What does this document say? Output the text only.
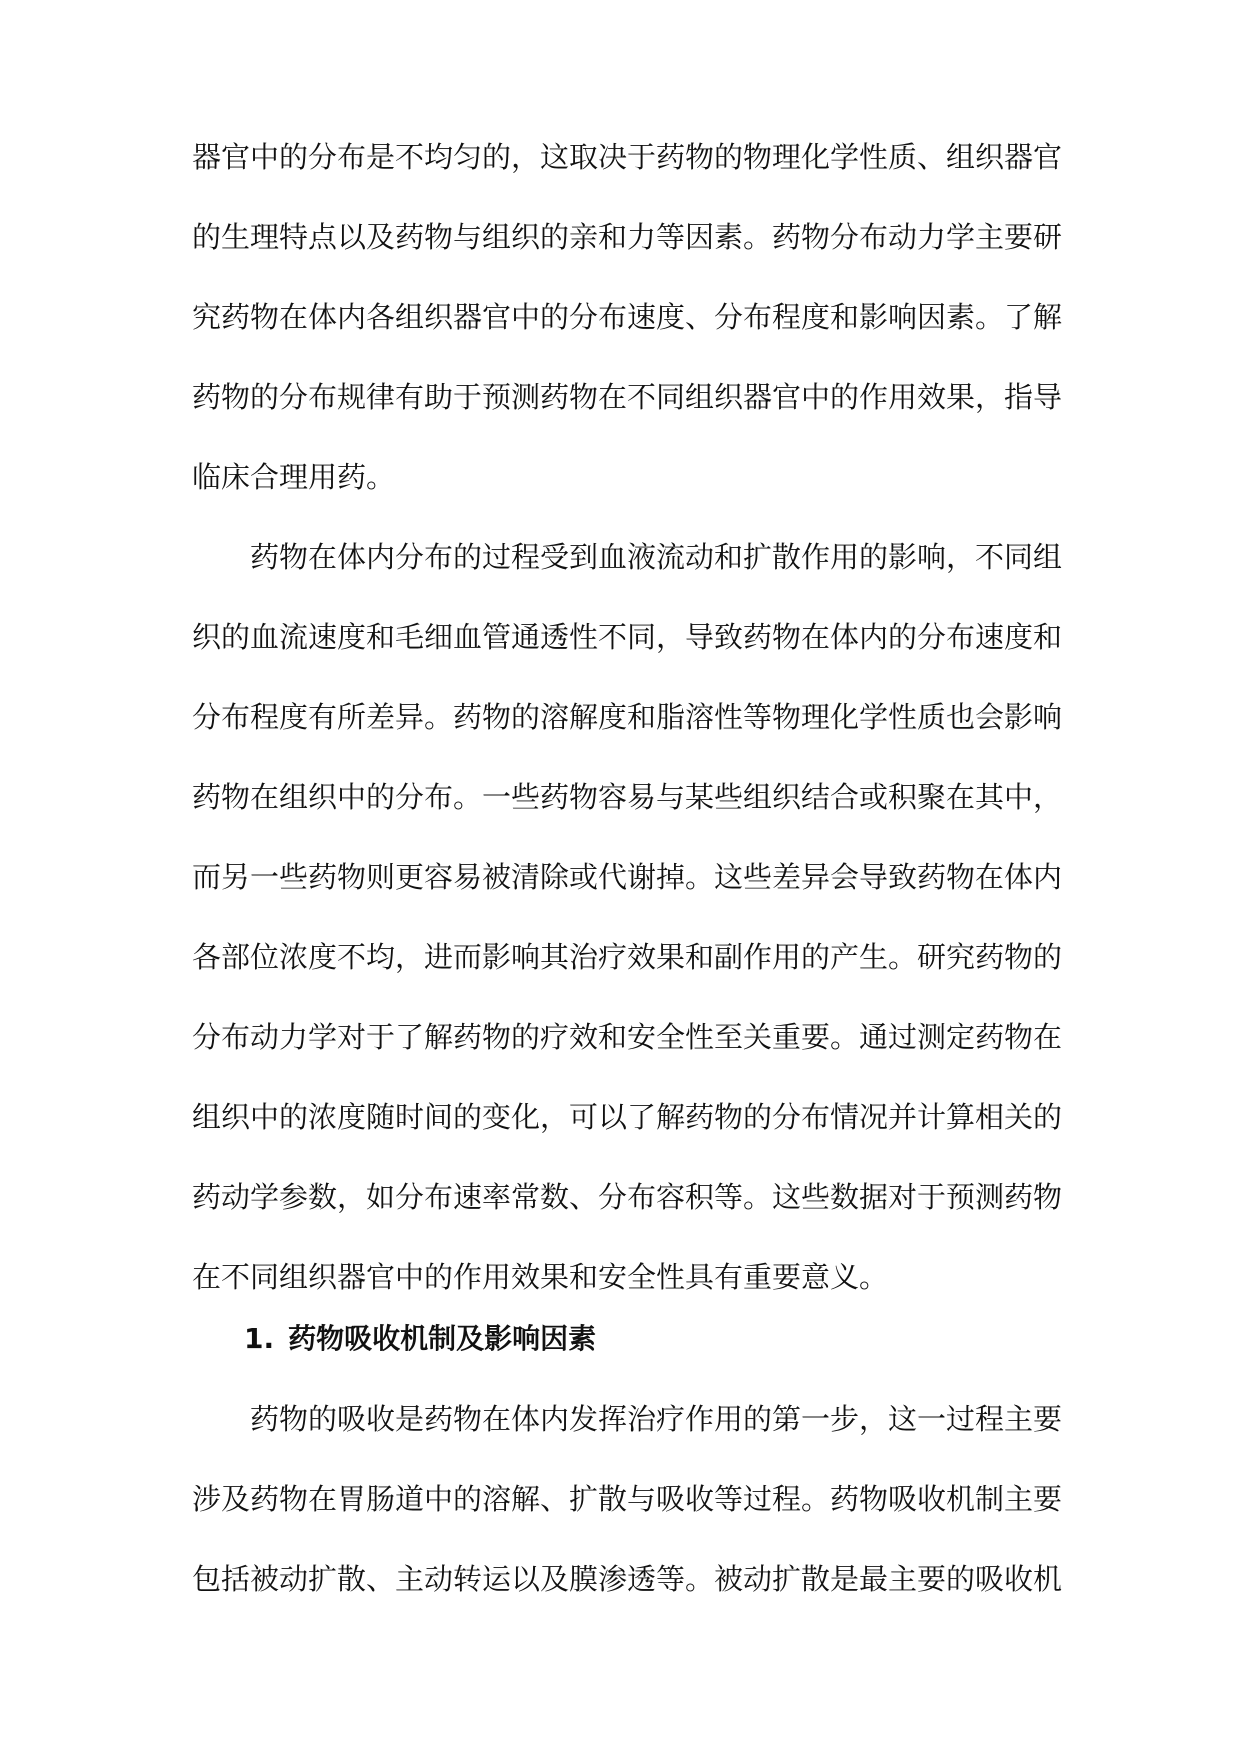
器官中的分布是不均匀的，这取决于药物的物理化学性质、组织器官
的生理特点以及药物与组织的亲和力等因素。药物分布动力学主要研
究药物在体内各组织器官中的分布速度、分布程度和影响因素。了解
药物的分布规律有助于预测药物在不同组织器官中的作用效果，指导
临床合理用药。
药物在体内分布的过程受到血液流动和扩散作用的影响，不同组
织的血流速度和毛细血管通透性不同，导致药物在体内的分布速度和
分布程度有所差异。药物的溶解度和脂溶性等物理化学性质也会影响
药物在组织中的分布。一些药物容易与某些组织结合或积聚在其中，
而另一些药物则更容易被清除或代谢掉。这些差异会导致药物在体内
各部位浓度不均，进而影响其治疗效果和副作用的产生。研究药物的
分布动力学对于了解药物的疗效和安全性至关重要。通过测定药物在
组织中的浓度随时间的变化，可以了解药物的分布情况并计算相关的
药动学参数，如分布速率常数、分布容积等。这些数据对于预测药物
在不同组织器官中的作用效果和安全性具有重要意义。
1. 药物吸收机制及影响因素
药物的吸收是药物在体内发挥治疗作用的第一步，这一过程主要
涉及药物在胃肠道中的溶解、扩散与吸收等过程。药物吸收机制主要
包括被动扩散、主动转运以及膜渗透等。被动扩散是最主要的吸收机
